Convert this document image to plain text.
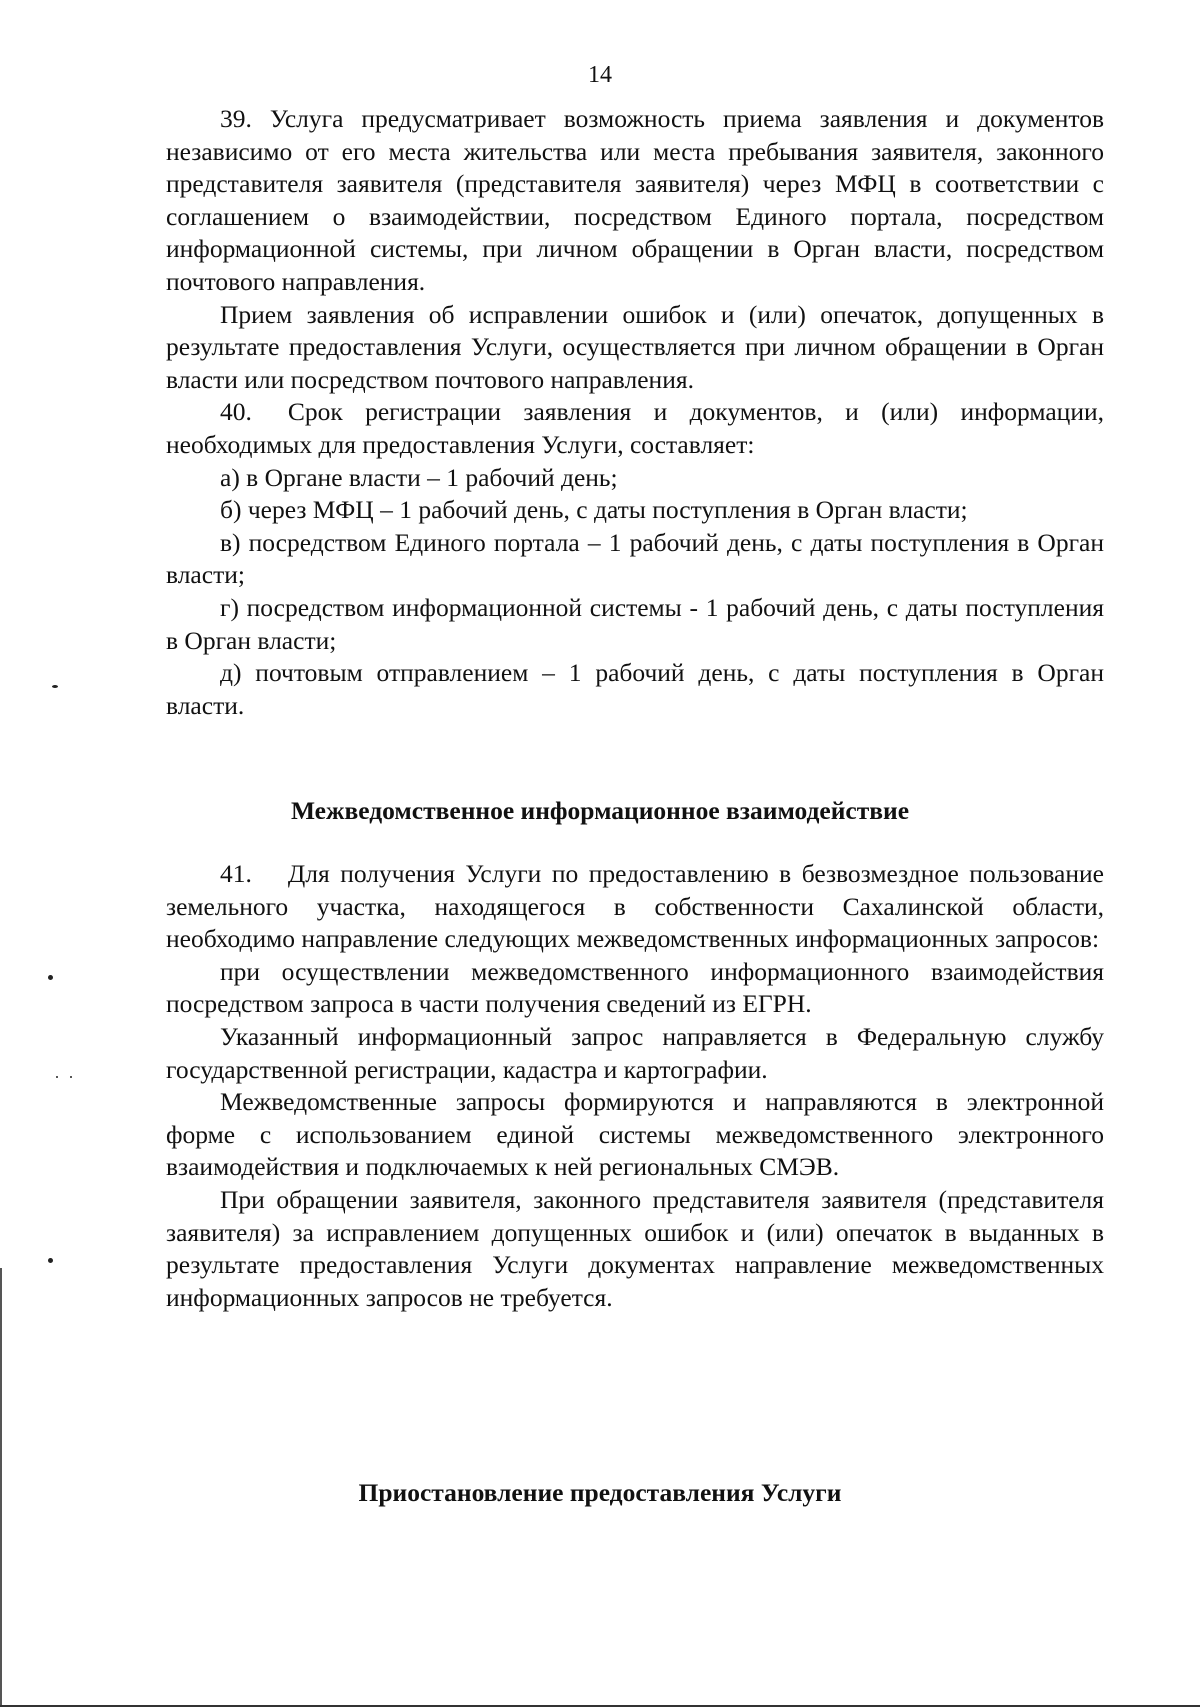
14

39. Услуга предусматривает возможность приема заявления и документов независимо от его места жительства или места пребывания заявителя, законного представителя заявителя (представителя заявителя) через МФЦ в соответствии с соглашением о взаимодействии, посредством Единого портала, посредством информационной системы, при личном обращении в Орган власти, посредством почтового направления.

Прием заявления об исправлении ошибок и (или) опечаток, допущенных в результате предоставления Услуги, осуществляется при личном обращении в Орган власти или посредством почтового направления.

40. Срок регистрации заявления и документов, и (или) информации, необходимых для предоставления Услуги, составляет:

а) в Органе власти – 1 рабочий день;

б) через МФЦ – 1 рабочий день, с даты поступления в Орган власти;

в) посредством Единого портала – 1 рабочий день, с даты поступления в Орган власти;

г) посредством информационной системы - 1 рабочий день, с даты поступления в Орган власти;

д) почтовым отправлением – 1 рабочий день, с даты поступления в Орган власти.

Межведомственное информационное взаимодействие

41. Для получения Услуги по предоставлению в безвозмездное пользование земельного участка, находящегося в собственности Сахалинской области, необходимо направление следующих межведомственных информационных запросов:

при осуществлении межведомственного информационного взаимодействия посредством запроса в части получения сведений из ЕГРН.

Указанный информационный запрос направляется в Федеральную службу государственной регистрации, кадастра и картографии.

Межведомственные запросы формируются и направляются в электронной форме с использованием единой системы межведомственного электронного взаимодействия и подключаемых к ней региональных СМЭВ.

При обращении заявителя, законного представителя заявителя (представителя заявителя) за исправлением допущенных ошибок и (или) опечаток в выданных в результате предоставления Услуги документах направление межведомственных информационных запросов не требуется.

Приостановление предоставления Услуги
